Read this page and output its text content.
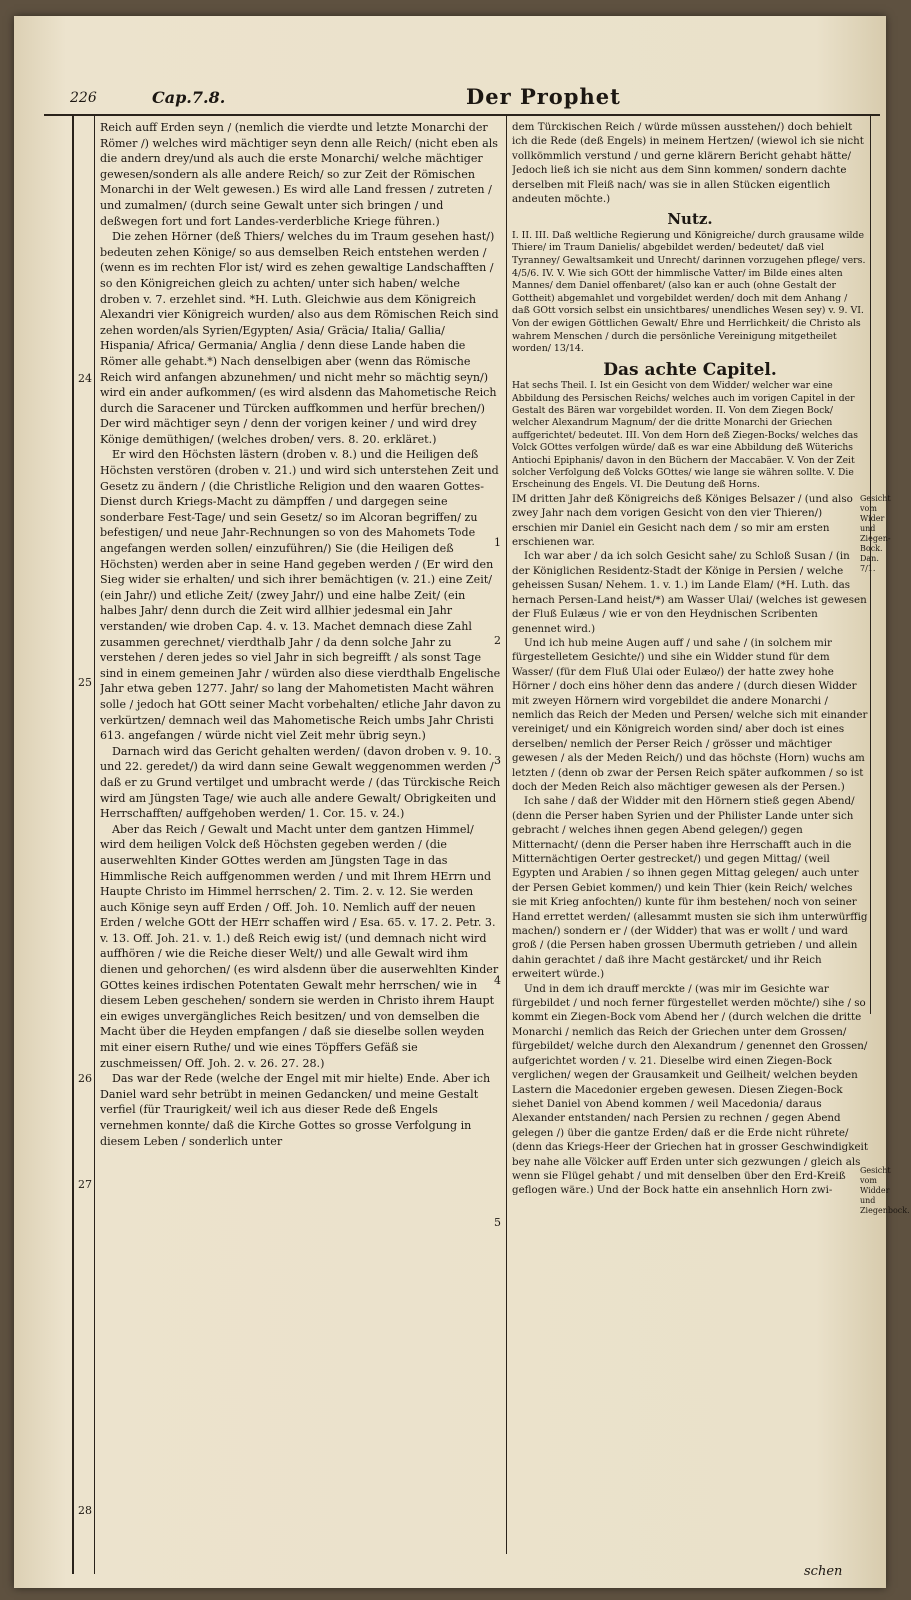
226	Cap.7.8.	Der Prophet
24
25
26
27
28

Reich auff Erden seyn / (nemlich die vierdte und letzte Monarchi der Römer /) welches wird mächtiger seyn denn alle Reich/ (nicht eben als die andern drey/und als auch die erste Monarchi/ welche mächtiger gewesen/sondern als alle andere Reich/ so zur Zeit der Römischen Monarchi in der Welt gewesen.) Es wird alle Land fressen / zutreten / und zumalmen/ (durch seine Gewalt unter sich bringen / und deßwegen fort und fort Landes-verderbliche Kriege führen.)

Die zehen Hörner (deß Thiers/ welches du im Traum gesehen hast/) bedeuten zehen Könige/ so aus demselben Reich entstehen werden / (wenn es im rechten Flor ist/ wird es zehen gewaltige Landschafften / so den Königreichen gleich zu achten/ unter sich haben/ welche droben v. 7. erzehlet sind. *H. Luth. Gleichwie aus dem Königreich Alexandri vier Königreich wurden/ also aus dem Römischen Reich sind zehen worden/als Syrien/Egypten/ Asia/ Gräcia/ Italia/ Gallia/ Hispania/ Africa/ Germania/ Anglia / denn diese Lande haben die Römer alle gehabt.*) Nach denselbigen aber (wenn das Römische Reich wird anfangen abzunehmen/ und nicht mehr so mächtig seyn/) wird ein ander aufkommen/ (es wird alsdenn das Mahometische Reich durch die Saracener und Türcken auffkommen und herfür brechen/) Der wird mächtiger seyn / denn der vorigen keiner / und wird drey Könige demüthigen/ (welches droben/ vers. 8. 20. erkläret.)

Er wird den Höchsten lästern (droben v. 8.) und die Heiligen deß Höchsten verstören (droben v. 21.) und wird sich unterstehen Zeit und Gesetz zu ändern / (die Christliche Religion und den waaren Gottes-Dienst durch Kriegs-Macht zu dämpffen / und dargegen seine sonderbare Fest-Tage/ und sein Gesetz/ so im Alcoran begriffen/ zu befestigen/ und neue Jahr-Rechnungen so von des Mahomets Tode angefangen werden sollen/ einzuführen/) Sie (die Heiligen deß Höchsten) werden aber in seine Hand gegeben werden / (Er wird den Sieg wider sie erhalten/ und sich ihrer bemächtigen (v. 21.) eine Zeit/ (ein Jahr/) und etliche Zeit/ (zwey Jahr/) und eine halbe Zeit/ (ein halbes Jahr/ denn durch die Zeit wird allhier jedesmal ein Jahr verstanden/ wie droben Cap. 4. v. 13. Machet demnach diese Zahl zusammen gerechnet/ vierdthalb Jahr / da denn solche Jahr zu verstehen / deren jedes so viel Jahr in sich begreifft / als sonst Tage sind in einem gemeinen Jahr / würden also diese vierdthalb Engelische Jahr etwa geben 1277. Jahr/ so lang der Mahometisten Macht währen solle / jedoch hat GOtt seiner Macht vorbehalten/ etliche Jahr davon zu verkürtzen/ demnach weil das Mahometische Reich umbs Jahr Christi 613. angefangen / würde nicht viel Zeit mehr übrig seyn.)

Darnach wird das Gericht gehalten werden/ (davon droben v. 9. 10. und 22. geredet/) da wird dann seine Gewalt weggenommen werden / daß er zu Grund vertilget und umbracht werde / (das Türckische Reich wird am Jüngsten Tage/ wie auch alle andere Gewalt/ Obrigkeiten und Herrschafften/ auffgehoben werden/ 1. Cor. 15. v. 24.)

Aber das Reich / Gewalt und Macht unter dem gantzen Himmel/ wird dem heiligen Volck deß Höchsten gegeben werden / (die auserwehlten Kinder GOttes werden am Jüngsten Tage in das Himmlische Reich auffgenommen werden / und mit Ihrem HErrn und Haupte Christo im Himmel herrschen/ 2. Tim. 2. v. 12. Sie werden auch Könige seyn auff Erden / Off. Joh. 10. Nemlich auff der neuen Erden / welche GOtt der HErr schaffen wird / Esa. 65. v. 17. 2. Petr. 3. v. 13. Off. Joh. 21. v. 1.) deß Reich ewig ist/ (und demnach nicht wird auffhören / wie die Reiche dieser Welt/) und alle Gewalt wird ihm dienen und gehorchen/ (es wird alsdenn über die auserwehlten Kinder GOttes keines irdischen Potentaten Gewalt mehr herrschen/ wie in diesem Leben geschehen/ sondern sie werden in Christo ihrem Haupt ein ewiges unvergängliches Reich besitzen/ und von demselben die Macht über die Heyden empfangen / daß sie dieselbe sollen weyden mit einer eisern Ruthe/ und wie eines Töpffers Gefäß sie zuschmeissen/ Off. Joh. 2. v. 26. 27. 28.)

Das war der Rede (welche der Engel mit mir hielte) Ende. Aber ich Daniel ward sehr betrübt in meinen Gedancken/ und meine Gestalt verfiel (für Traurigkeit/ weil ich aus dieser Rede deß Engels vernehmen konnte/ daß die Kirche Gottes so grosse Verfolgung in diesem Leben / sonderlich unter

1
2
3
4
5
Gesicht vom Wider und Ziegen-Bock. Dan. 7/1.
Gesicht vom Widder und Ziegenbock.

dem Türckischen Reich / würde müssen ausstehen/) doch behielt ich die Rede (deß Engels) in meinem Hertzen/ (wiewol ich sie nicht vollkömmlich verstund / und gerne klärern Bericht gehabt hätte/ Jedoch ließ ich sie nicht aus dem Sinn kommen/ sondern dachte derselben mit Fleiß nach/ was sie in allen Stücken eigentlich andeuten möchte.)

Nutz.

I. II. III. Daß weltliche Regierung und Königreiche/ durch grausame wilde Thiere/ im Traum Danielis/ abgebildet werden/ bedeutet/ daß viel Tyranney/ Gewaltsamkeit und Unrecht/ darinnen vorzugehen pflege/ vers. 4/5/6. IV. V. Wie sich GOtt der himmlische Vatter/ im Bilde eines alten Mannes/ dem Daniel offenbaret/ (also kan er auch (ohne Gestalt der Gottheit) abgemahlet und vorgebildet werden/ doch mit dem Anhang / daß GOtt vorsich selbst ein unsichtbares/ unendliches Wesen sey) v. 9. VI. Von der ewigen Göttlichen Gewalt/ Ehre und Herrlichkeit/ die Christo als wahrem Menschen / durch die persönliche Vereinigung mitgetheilet worden/ 13/14.

Das achte Capitel.

Hat sechs Theil. I. Ist ein Gesicht von dem Widder/ welcher war eine Abbildung des Persischen Reichs/ welches auch im vorigen Capitel in der Gestalt des Bären war vorgebildet worden. II. Von dem Ziegen Bock/ welcher Alexandrum Magnum/ der die dritte Monarchi der Griechen auffgerichtet/ bedeutet. III. Von dem Horn deß Ziegen-Bocks/ welches das Volck GOttes verfolgen würde/ daß es war eine Abbildung deß Wüterichs Antiochi Epiphanis/ davon in den Büchern der Maccabäer. V. Von der Zeit solcher Verfolgung deß Volcks GOttes/ wie lange sie währen sollte. V. Die Erscheinung des Engels. VI. Die Deutung deß Horns.

IM dritten Jahr deß Königreichs deß Königes Belsazer / (und also zwey Jahr nach dem vorigen Gesicht von den vier Thieren/) erschien mir Daniel ein Gesicht nach dem / so mir am ersten erschienen war.

Ich war aber / da ich solch Gesicht sahe/ zu Schloß Susan / (in der Königlichen Residentz-Stadt der Könige in Persien / welche geheissen Susan/ Nehem. 1. v. 1.) im Lande Elam/ (*H. Luth. das hernach Persen-Land heist/*) am Wasser Ulai/ (welches ist gewesen der Fluß Eulæus / wie er von den Heydnischen Scribenten genennet wird.)

Und ich hub meine Augen auff / und sahe / (in solchem mir fürgestelletem Gesichte/) und sihe ein Widder stund für dem Wasser/ (für dem Fluß Ulai oder Eulæo/) der hatte zwey hohe Hörner / doch eins höher denn das andere / (durch diesen Widder mit zweyen Hörnern wird vorgebildet die andere Monarchi / nemlich das Reich der Meden und Persen/ welche sich mit einander vereiniget/ und ein Königreich worden sind/ aber doch ist eines derselben/ nemlich der Perser Reich / grösser und mächtiger gewesen / als der Meden Reich/) und das höchste (Horn) wuchs am letzten / (denn ob zwar der Persen Reich später aufkommen / so ist doch der Meden Reich also mächtiger gewesen als der Persen.)

Ich sahe / daß der Widder mit den Hörnern stieß gegen Abend/ (denn die Perser haben Syrien und der Philister Lande unter sich gebracht / welches ihnen gegen Abend gelegen/) gegen Mitternacht/ (denn die Perser haben ihre Herrschafft auch in die Mitternächtigen Oerter gestrecket/) und gegen Mittag/ (weil Egypten und Arabien / so ihnen gegen Mittag gelegen/ auch unter der Persen Gebiet kommen/) und kein Thier (kein Reich/ welches sie mit Krieg anfochten/) kunte für ihm bestehen/ noch von seiner Hand errettet werden/ (allesammt musten sie sich ihm unterwürffig machen/) sondern er / (der Widder) that was er wollt / und ward groß / (die Persen haben grossen Ubermuth getrieben / und allein dahin gerachtet / daß ihre Macht gestärcket/ und ihr Reich erweitert würde.)

Und in dem ich drauff merckte / (was mir im Gesichte war fürgebildet / und noch ferner fürgestellet werden möchte/) sihe / so kommt ein Ziegen-Bock vom Abend her / (durch welchen die dritte Monarchi / nemlich das Reich der Griechen unter dem Grossen/ fürgebildet/ welche durch den Alexandrum / genennet den Grossen/ aufgerichtet worden / v. 21. Dieselbe wird einen Ziegen-Bock verglichen/ wegen der Grausamkeit und Geilheit/ welchen beyden Lastern die Macedonier ergeben gewesen. Diesen Ziegen-Bock siehet Daniel von Abend kommen / weil Macedonia/ daraus Alexander entstanden/ nach Persien zu rechnen / gegen Abend gelegen /) über die gantze Erden/ daß er die Erde nicht rührete/ (denn das Kriegs-Heer der Griechen hat in grosser Geschwindigkeit bey nahe alle Völcker auff Erden unter sich gezwungen / gleich als wenn sie Flügel gehabt / und mit denselben über den Erd-Kreiß geflogen wäre.) Und der Bock hatte ein ansehnlich Horn zwi-

schen
